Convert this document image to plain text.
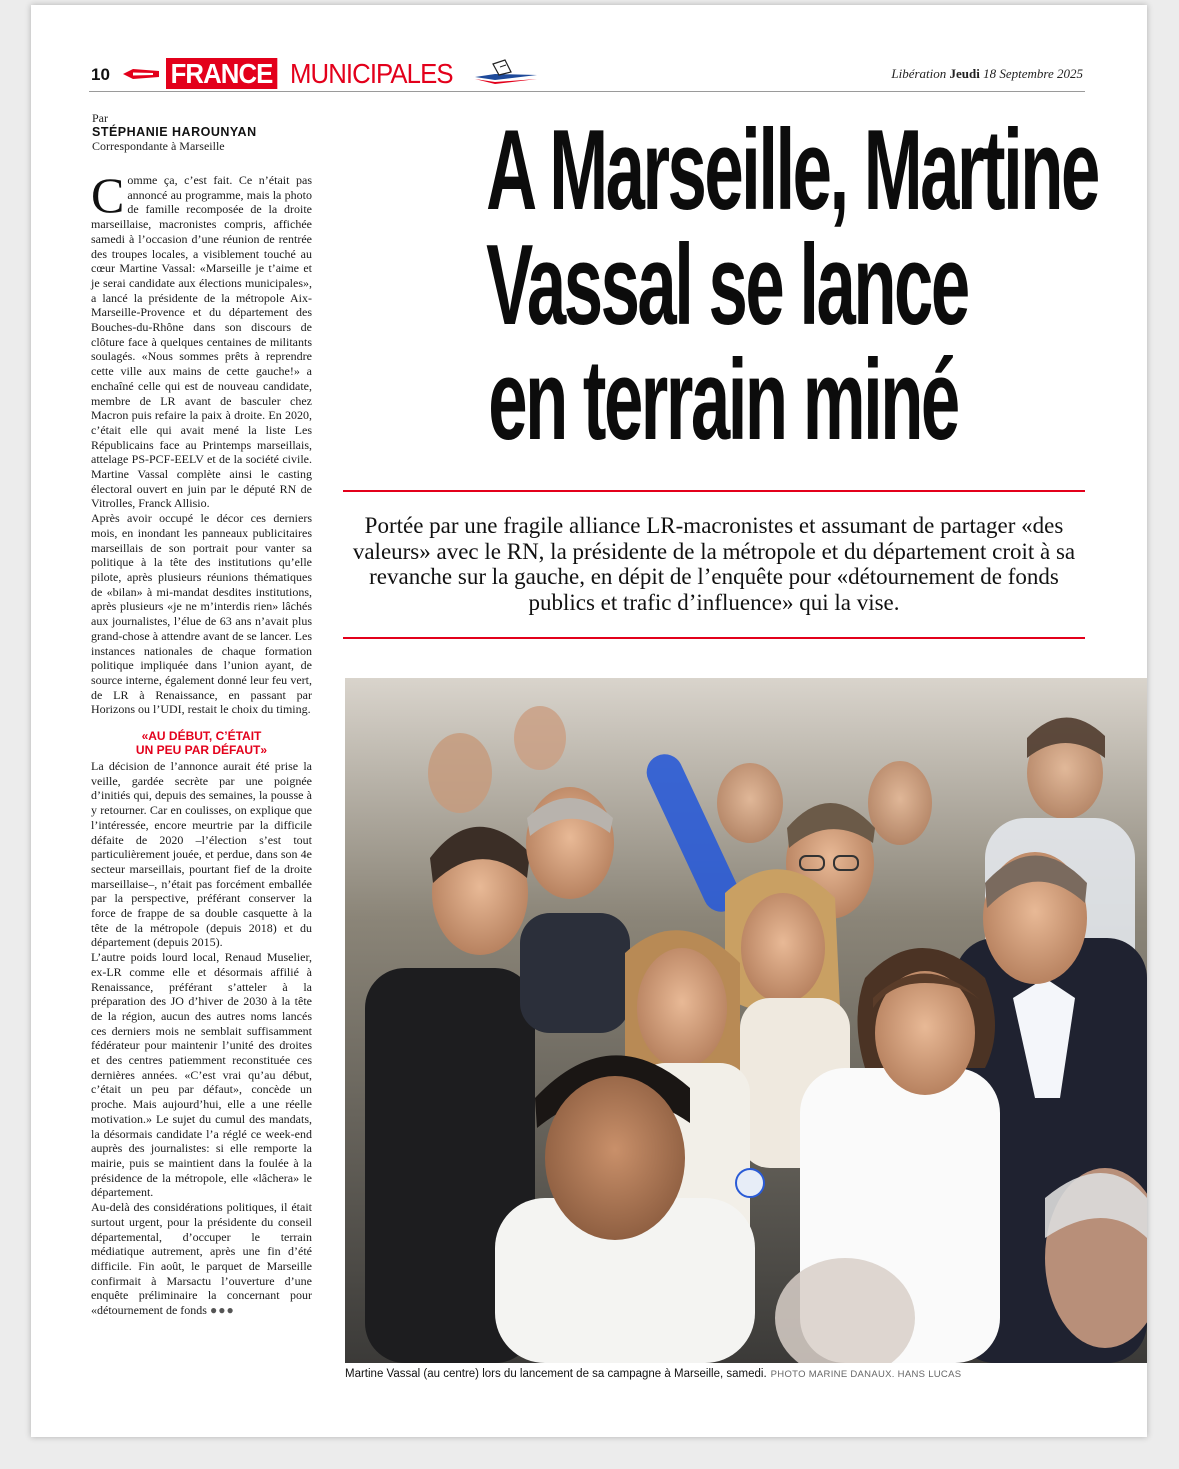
10 FRANCE MUNICIPALES	Libération Jeudi 18 Septembre 2025
Par
STÉPHANIE HAROUNYAN
Correspondante à Marseille

Comme ça, c’est fait. Ce n’était pas annoncé au programme, mais la photo de famille recomposée de la droite marseillaise, macronistes compris, affichée samedi à l’occasion d’une réunion de rentrée des troupes locales, a visiblement touché au cœur Martine Vassal: «Marseille je t’aime et je serai candidate aux élections municipales», a lancé la présidente de la métropole Aix-Marseille-Provence et du département des Bouches-du-Rhône dans son discours de clôture face à quelques centaines de militants soulagés. «Nous sommes prêts à reprendre cette ville aux mains de cette gauche!» a enchaîné celle qui est de nouveau candidate, membre de LR avant de basculer chez Macron puis refaire la paix à droite. En 2020, c’était elle qui avait mené la liste Les Républicains face au Printemps marseillais, attelage PS-PCF-EELV et de la société civile. Martine Vassal complète ainsi le casting électoral ouvert en juin par le député RN de Vitrolles, Franck Allisio.

Après avoir occupé le décor ces derniers mois, en inondant les panneaux publicitaires marseillais de son portrait pour vanter sa politique à la tête des institutions qu’elle pilote, après plusieurs réunions thématiques de «bilan» à mi-mandat desdites institutions, après plusieurs «je ne m’interdis rien» lâchés aux journalistes, l’élue de 63 ans n’avait plus grand-chose à attendre avant de se lancer. Les instances nationales de chaque formation politique impliquée dans l’union ayant, de source interne, également donné leur feu vert, de LR à Renaissance, en passant par Horizons ou l’UDI, restait le choix du timing.

«AU DÉBUT, C’ÉTAIT
UN PEU PAR DÉFAUT»

La décision de l’annonce aurait été prise la veille, gardée secrète par une poignée d’initiés qui, depuis des semaines, la pousse à y retourner. Car en coulisses, on explique que l’intéressée, encore meurtrie par la difficile défaite de 2020 –l’élection s’est tout particulièrement jouée, et perdue, dans son 4e secteur marseillais, pourtant fief de la droite marseillaise–, n’était pas forcément emballée par la perspective, préférant conserver la force de frappe de sa double casquette à la tête de la métropole (depuis 2018) et du département (depuis 2015).

L’autre poids lourd local, Renaud Muselier, ex-LR comme elle et désormais affilié à Renaissance, préférant s’atteler à la préparation des JO d’hiver de 2030 à la tête de la région, aucun des autres noms lancés ces derniers mois ne semblait suffisamment fédérateur pour maintenir l’unité des droites et des centres patiemment reconstituée ces dernières années. «C’est vrai qu’au début, c’était un peu par défaut», concède un proche. Mais aujourd’hui, elle a une réelle motivation.» Le sujet du cumul des mandats, la désormais candidate l’a réglé ce week-end auprès des journalistes: si elle remporte la mairie, puis se maintient dans la foulée à la présidence de la métropole, elle «lâchera» le département.

Au-delà des considérations politiques, il était surtout urgent, pour la présidente du conseil départemental, d’occuper le terrain médiatique autrement, après une fin d’été difficile. Fin août, le parquet de Marseille confirmait à Marsactu l’ouverture d’une enquête préliminaire la concernant pour «détournement de fonds ●●●

A Marseille, Martine
Vassal se lance
en terrain miné
Portée par une fragile alliance LR-macronistes et assumant de partager «des valeurs» avec le RN, la présidente de la métropole et du département croit à sa revanche sur la gauche, en dépit de l’enquête pour «détournement de fonds publics et trafic d’influence» qui la vise.
Martine Vassal (au centre) lors du lancement de sa campagne à Marseille, samedi. PHOTO MARINE DANAUX. HANS LUCAS
